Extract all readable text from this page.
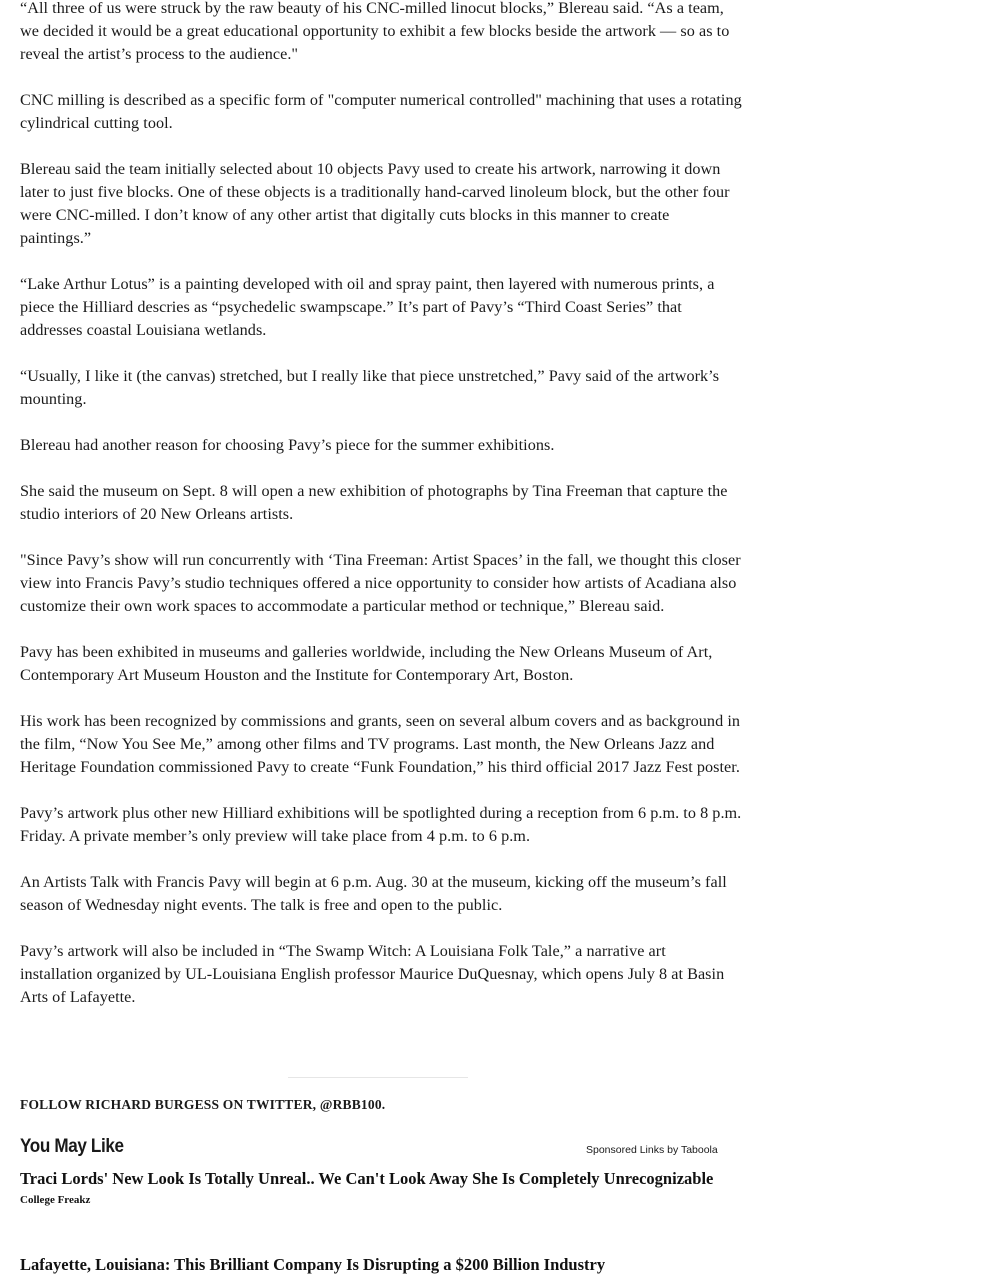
“All three of us were struck by the raw beauty of his CNC-milled linocut blocks,” Blereau said. “As a team, we decided it would be a great educational opportunity to exhibit a few blocks beside the artwork — so as to reveal the artist’s process to the audience."

CNC milling is described as a specific form of "computer numerical controlled" machining that uses a rotating cylindrical cutting tool.

Blereau said the team initially selected about 10 objects Pavy used to create his artwork, narrowing it down later to just five blocks. One of these objects is a traditionally hand-carved linoleum block, but the other four were CNC-milled. I don’t know of any other artist that digitally cuts blocks in this manner to create paintings.”

“Lake Arthur Lotus” is a painting developed with oil and spray paint, then layered with numerous prints, a piece the Hilliard descries as “psychedelic swampscape.” It’s part of Pavy’s “Third Coast Series” that addresses coastal Louisiana wetlands.

“Usually, I like it (the canvas) stretched, but I really like that piece unstretched,” Pavy said of the artwork’s mounting.

Blereau had another reason for choosing Pavy’s piece for the summer exhibitions.

She said the museum on Sept. 8 will open a new exhibition of photographs by Tina Freeman that capture the studio interiors of 20 New Orleans artists.

"Since Pavy’s show will run concurrently with ‘Tina Freeman: Artist Spaces’ in the fall, we thought this closer view into Francis Pavy’s studio techniques offered a nice opportunity to consider how artists of Acadiana also customize their own work spaces to accommodate a particular method or technique,” Blereau said.

Pavy has been exhibited in museums and galleries worldwide, including the New Orleans Museum of Art, Contemporary Art Museum Houston and the Institute for Contemporary Art, Boston.

His work has been recognized by commissions and grants, seen on several album covers and as background in the film, “Now You See Me,” among other films and TV programs. Last month, the New Orleans Jazz and Heritage Foundation commissioned Pavy to create “Funk Foundation,” his third official 2017 Jazz Fest poster.

Pavy’s artwork plus other new Hilliard exhibitions will be spotlighted during a reception from 6 p.m. to 8 p.m. Friday. A private member’s only preview will take place from 4 p.m. to 6 p.m.

An Artists Talk with Francis Pavy will begin at 6 p.m. Aug. 30 at the museum, kicking off the museum’s fall season of Wednesday night events. The talk is free and open to the public.

Pavy’s artwork will also be included in “The Swamp Witch: A Louisiana Folk Tale,” a narrative art installation organized by UL-Louisiana English professor Maurice DuQuesnay, which opens July 8 at Basin Arts of Lafayette.

FOLLOW RICHARD BURGESS ON TWITTER, @RBB100.
You May Like	Sponsored Links by Taboola
Traci Lords' New Look Is Totally Unreal.. We Can't Look Away She Is Completely Unrecognizable
College Freakz
Lafayette, Louisiana: This Brilliant Company Is Disrupting a $200 Billion Industry
